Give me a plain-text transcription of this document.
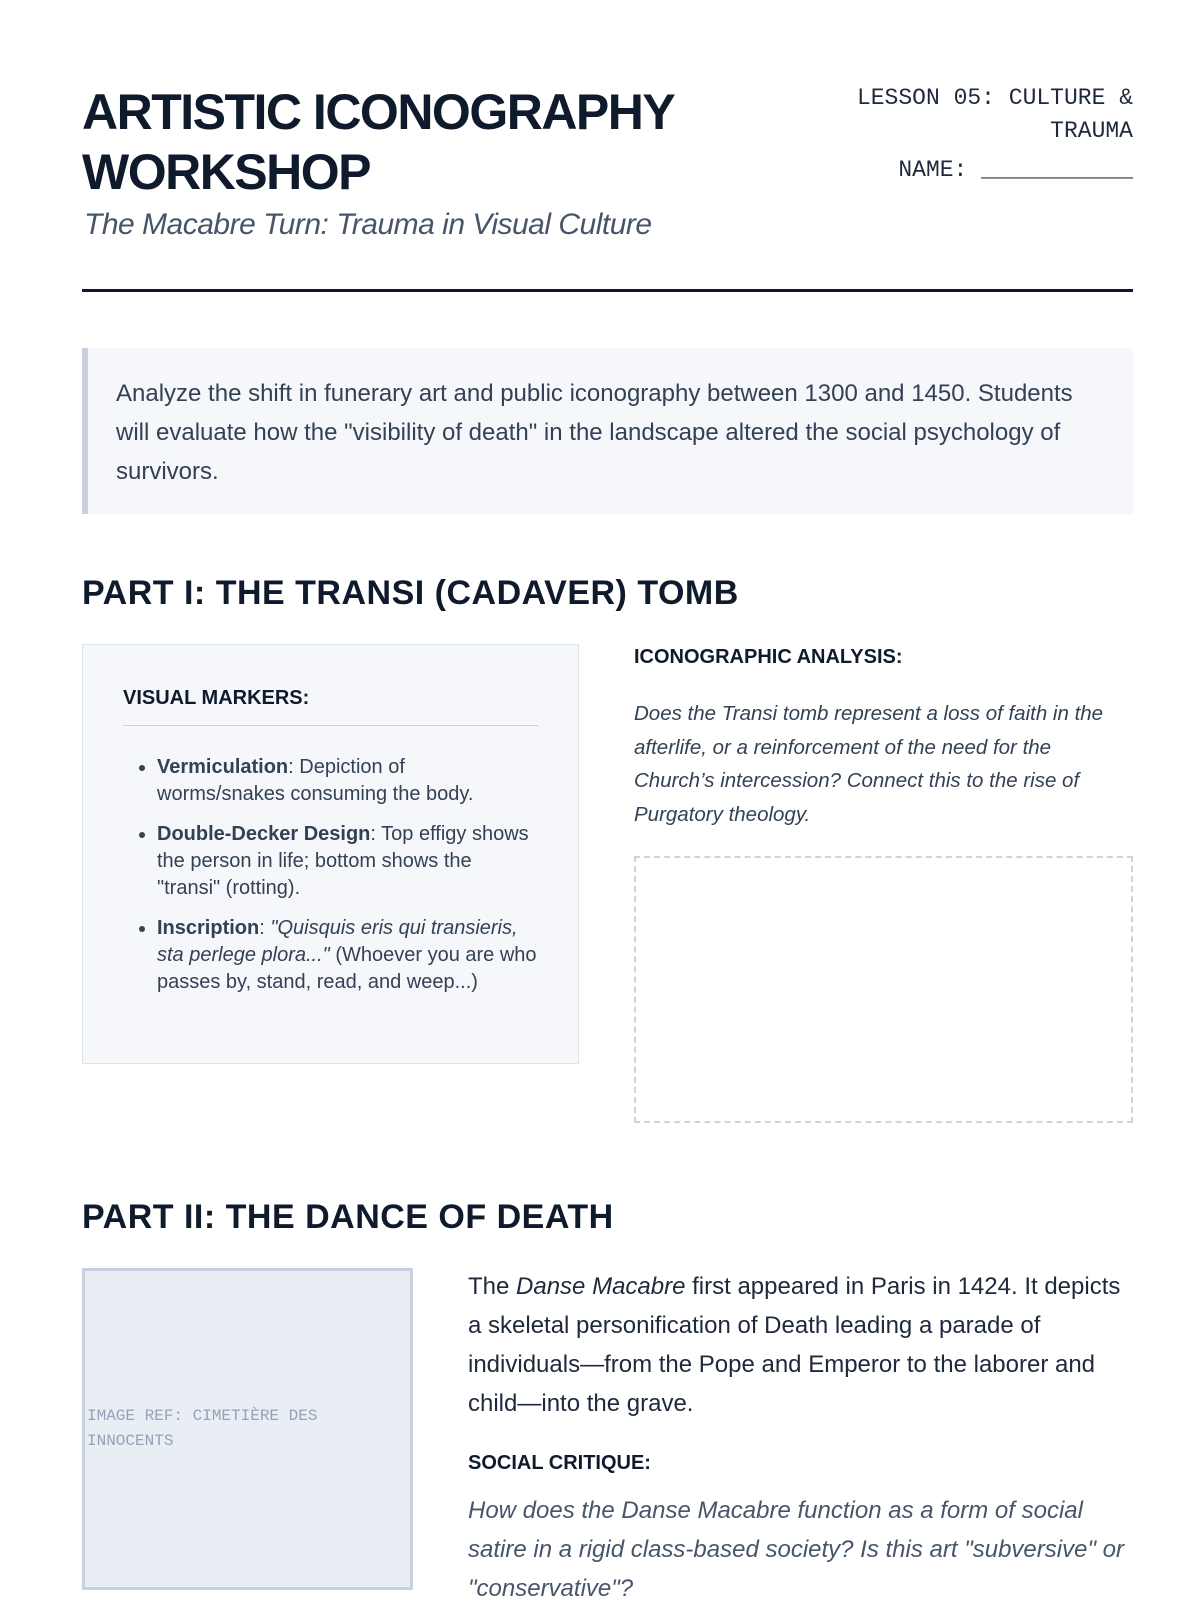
ARTISTIC ICONOGRAPHY WORKSHOP
The Macabre Turn: Trauma in Visual Culture
LESSON 05: CULTURE & TRAUMA
NAME: ___________
Analyze the shift in funerary art and public iconography between 1300 and 1450. Students will evaluate how the "visibility of death" in the landscape altered the social psychology of survivors.
PART I: THE TRANSI (CADAVER) TOMB
VISUAL MARKERS:
• Vermiculation: Depiction of worms/snakes consuming the body.
• Double-Decker Design: Top effigy shows the person in life; bottom shows the "transi" (rotting).
• Inscription: "Quisquis eris qui transieris, sta perlege plora..." (Whoever you are who passes by, stand, read, and weep...)
ICONOGRAPHIC ANALYSIS:
Does the Transi tomb represent a loss of faith in the afterlife, or a reinforcement of the need for the Church’s intercession? Connect this to the rise of Purgatory theology.
PART II: THE DANCE OF DEATH
IMAGE REF: CIMETIÈRE DES INNOCENTS

The Danse Macabre first appeared in Paris in 1424. It depicts a skeletal personification of Death leading a parade of individuals—from the Pope and Emperor to the laborer and child—into the grave.

SOCIAL CRITIQUE:
How does the Danse Macabre function as a form of social satire in a rigid class-based society? Is this art "subversive" or "conservative"?
